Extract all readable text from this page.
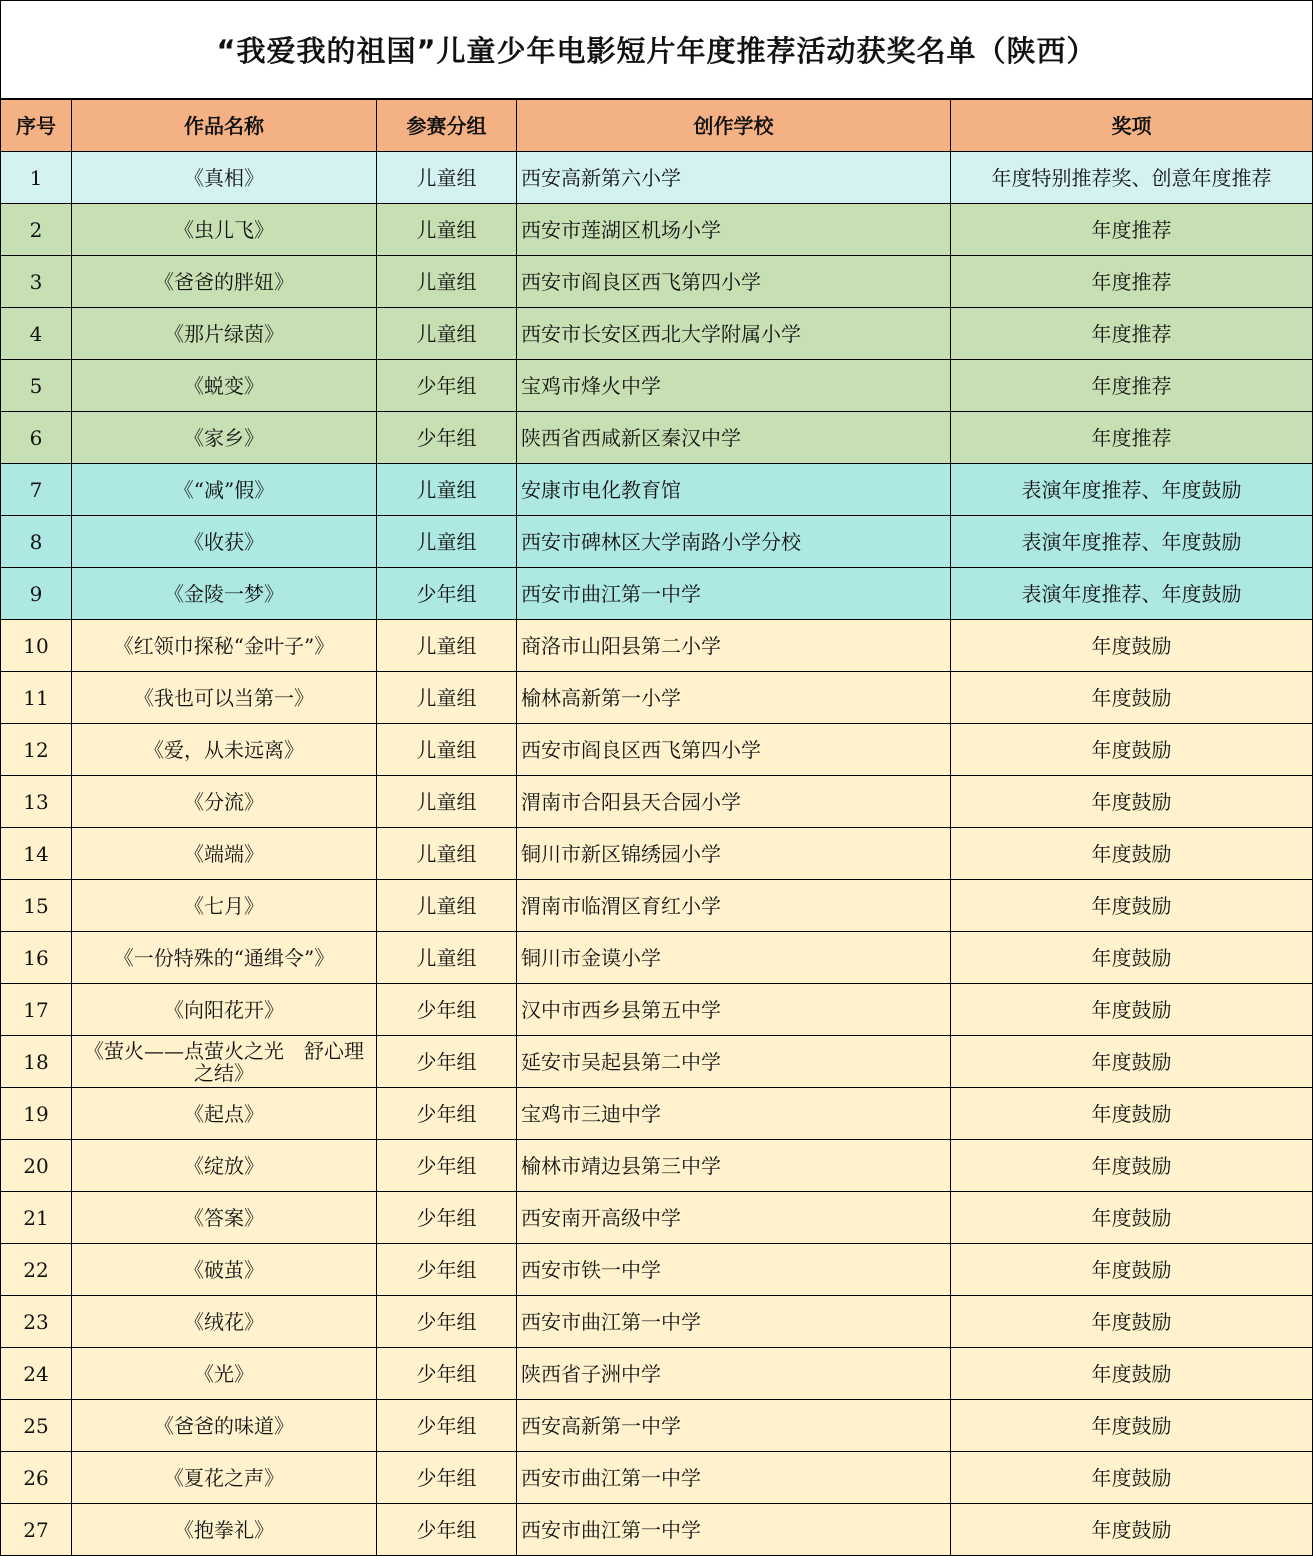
“我爱我的祖国”儿童少年电影短片年度推荐活动获奖名单（陕西）
序号	作品名称	参赛分组	创作学校	奖项
1	《真相》	儿童组	西安高新第六小学	年度特别推荐奖、创意年度推荐
2	《虫儿飞》	儿童组	西安市莲湖区机场小学	年度推荐
3	《爸爸的胖妞》	儿童组	西安市阎良区西飞第四小学	年度推荐
4	《那片绿茵》	儿童组	西安市长安区西北大学附属小学	年度推荐
5	《蜕变》	少年组	宝鸡市烽火中学	年度推荐
6	《家乡》	少年组	陕西省西咸新区秦汉中学	年度推荐
7	《“减”假》	儿童组	安康市电化教育馆	表演年度推荐、年度鼓励
8	《收获》	儿童组	西安市碑林区大学南路小学分校	表演年度推荐、年度鼓励
9	《金陵一梦》	少年组	西安市曲江第一中学	表演年度推荐、年度鼓励
10	《红领巾探秘“金叶子”》	儿童组	商洛市山阳县第二小学	年度鼓励
11	《我也可以当第一》	儿童组	榆林高新第一小学	年度鼓励
12	《爱，从未远离》	儿童组	西安市阎良区西飞第四小学	年度鼓励
13	《分流》	儿童组	渭南市合阳县天合园小学	年度鼓励
14	《端端》	儿童组	铜川市新区锦绣园小学	年度鼓励
15	《七月》	儿童组	渭南市临渭区育红小学	年度鼓励
16	《一份特殊的“通缉令”》	儿童组	铜川市金谟小学	年度鼓励
17	《向阳花开》	少年组	汉中市西乡县第五中学	年度鼓励
18	《萤火——点萤火之光　舒心理之结》	少年组	延安市吴起县第二中学	年度鼓励
19	《起点》	少年组	宝鸡市三迪中学	年度鼓励
20	《绽放》	少年组	榆林市靖边县第三中学	年度鼓励
21	《答案》	少年组	西安南开高级中学	年度鼓励
22	《破茧》	少年组	西安市铁一中学	年度鼓励
23	《绒花》	少年组	西安市曲江第一中学	年度鼓励
24	《光》	少年组	陕西省子洲中学	年度鼓励
25	《爸爸的味道》	少年组	西安高新第一中学	年度鼓励
26	《夏花之声》	少年组	西安市曲江第一中学	年度鼓励
27	《抱拳礼》	少年组	西安市曲江第一中学	年度鼓励
